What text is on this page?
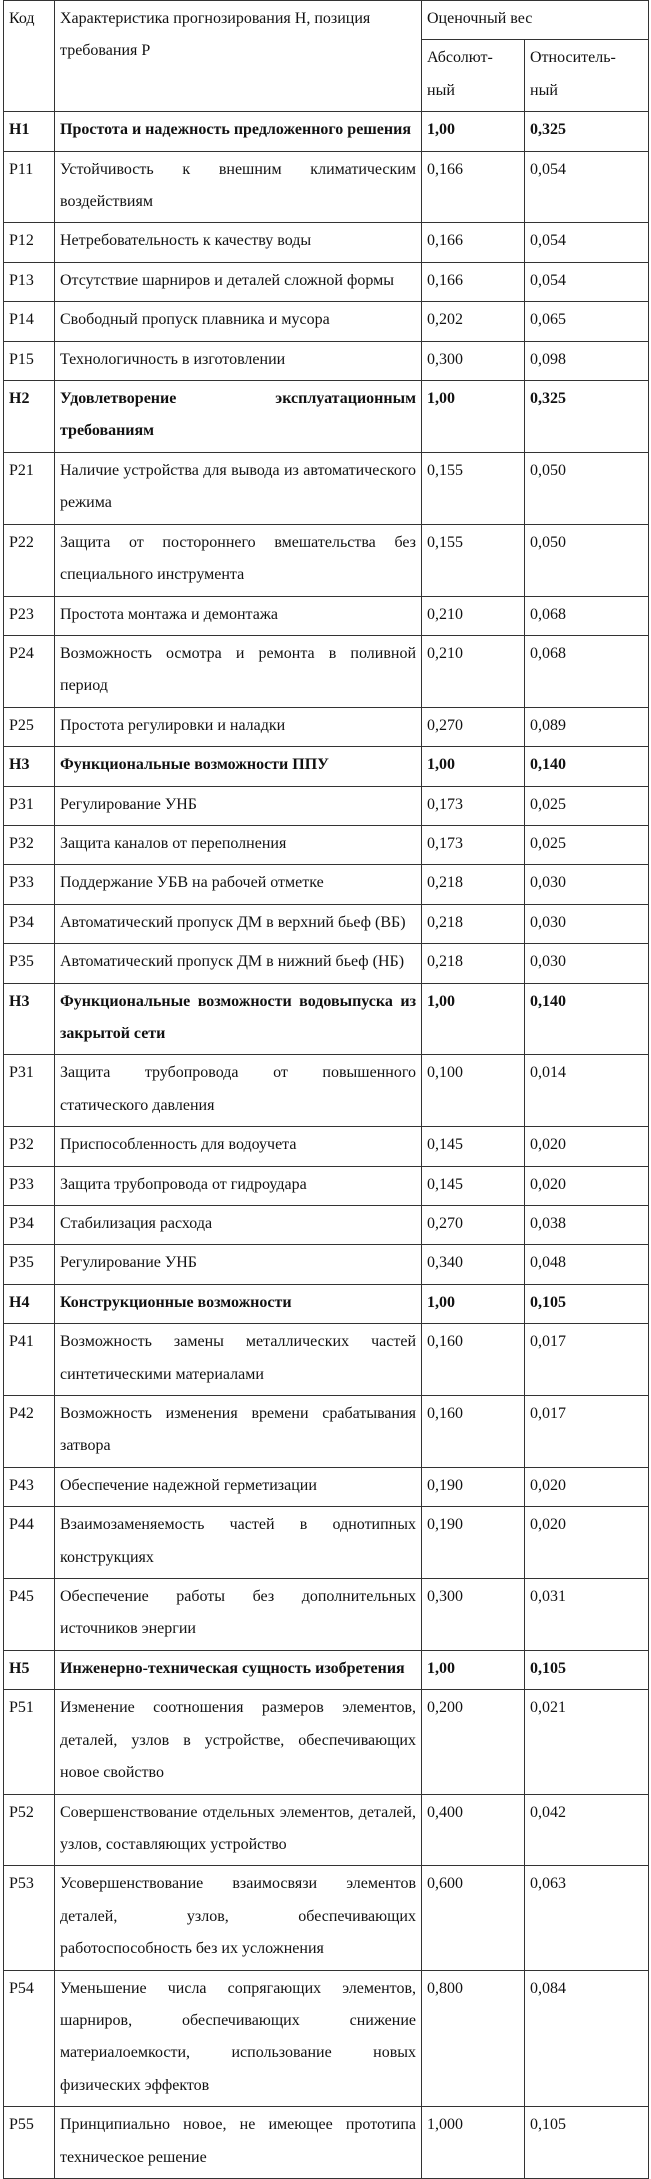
Код	Характеристика прогнозирования Н, позиция требования Р	Оценочный вес	
		Абсолют-ный	Относитель-ный
Н1	Простота и надежность предложенного решения	1,00	0,325
Р11	Устойчивость к внешним климатическим воздействиям	0,166	0,054
Р12	Нетребовательность к качеству воды	0,166	0,054
Р13	Отсутствие шарниров и деталей сложной формы	0,166	0,054
Р14	Свободный пропуск плавника и мусора	0,202	0,065
Р15	Технологичность в изготовлении	0,300	0,098
Н2	Удовлетворение эксплуатационным требованиям	1,00	0,325
Р21	Наличие устройства для вывода из автоматического режима	0,155	0,050
Р22	Защита от постороннего вмешательства без специального инструмента	0,155	0,050
Р23	Простота монтажа и демонтажа	0,210	0,068
Р24	Возможность осмотра и ремонта в поливной период	0,210	0,068
Р25	Простота регулировки и наладки	0,270	0,089
Н3	Функциональные возможности ППУ	1,00	0,140
Р31	Регулирование УНБ	0,173	0,025
Р32	Защита каналов от переполнения	0,173	0,025
Р33	Поддержание УБВ на рабочей отметке	0,218	0,030
Р34	Автоматический пропуск ДМ в верхний бьеф (ВБ)	0,218	0,030
Р35	Автоматический пропуск ДМ в нижний бьеф (НБ)	0,218	0,030
Н3	Функциональные возможности водовыпуска из закрытой сети	1,00	0,140
Р31	Защита трубопровода от повышенного статического давления	0,100	0,014
Р32	Приспособленность для водоучета	0,145	0,020
Р33	Защита трубопровода от гидроудара	0,145	0,020
Р34	Стабилизация расхода	0,270	0,038
Р35	Регулирование УНБ	0,340	0,048
Н4	Конструкционные возможности	1,00	0,105
Р41	Возможность замены металлических частей синтетическими материалами	0,160	0,017
Р42	Возможность изменения времени срабатывания затвора	0,160	0,017
Р43	Обеспечение надежной герметизации	0,190	0,020
Р44	Взаимозаменяемость частей в однотипных конструкциях	0,190	0,020
Р45	Обеспечение работы без дополнительных источников энергии	0,300	0,031
Н5	Инженерно-техническая сущность изобретения	1,00	0,105
Р51	Изменение соотношения размеров элементов, деталей, узлов в устройстве, обеспечивающих новое свойство	0,200	0,021
Р52	Совершенствование отдельных элементов, деталей, узлов, составляющих устройство	0,400	0,042
Р53	Усовершенствование взаимосвязи элементов деталей, узлов, обеспечивающих работоспособность без их усложнения	0,600	0,063
Р54	Уменьшение числа сопрягающих элементов, шарниров, обеспечивающих снижение материалоемкости, использование новых физических эффектов	0,800	0,084
Р55	Принципиально новое, не имеющее прототипа техническое решение	1,000	0,105
